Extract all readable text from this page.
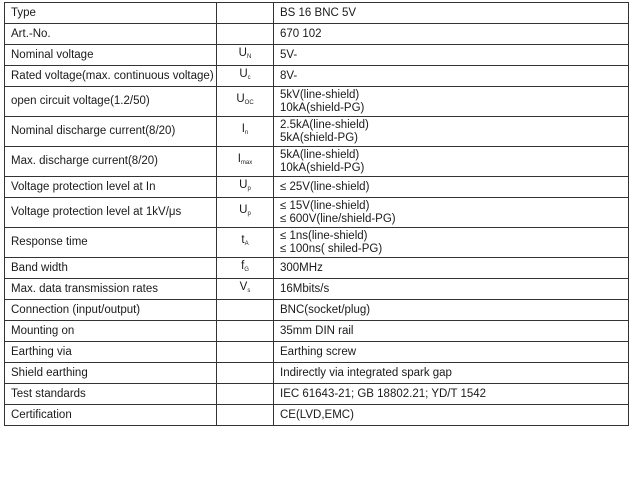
Type		BS 16 BNC 5V

Art.-No.		670 102

Nominal voltage	$U_N$	5V-

Rated voltage(max. continuous voltage)	$U_c$	8V-

open circuit voltage(1.2/50)	$U_{OC}$	5kV(line-shield)
10kA(shield-PG)

Nominal discharge current(8/20)	$I_n$	2.5kA(line-shield)
5kA(shield-PG)

Max. discharge current(8/20)	$I_{max}$	5kA(line-shield)
10kA(shield-PG)

Voltage protection level at In	$U_p$	≤ 25V(line-shield)

Voltage protection level at 1kV/μs	$U_p$	≤ 15V(line-shield)
≤ 600V(line/shield-PG)

Response time	$t_A$	≤ 1ns(line-shield)
≤ 100ns( shiled-PG)

Band width	$f_G$	300MHz

Max. data transmission rates	$V_s$	16Mbits/s

Connection (input/output)		BNC(socket/plug)

Mounting on		35mm DIN rail

Earthing via		Earthing screw

Shield earthing		Indirectly via integrated spark gap

Test standards		IEC 61643-21; GB 18802.21; YD/T 1542

Certification		CE(LVD,EMC)
